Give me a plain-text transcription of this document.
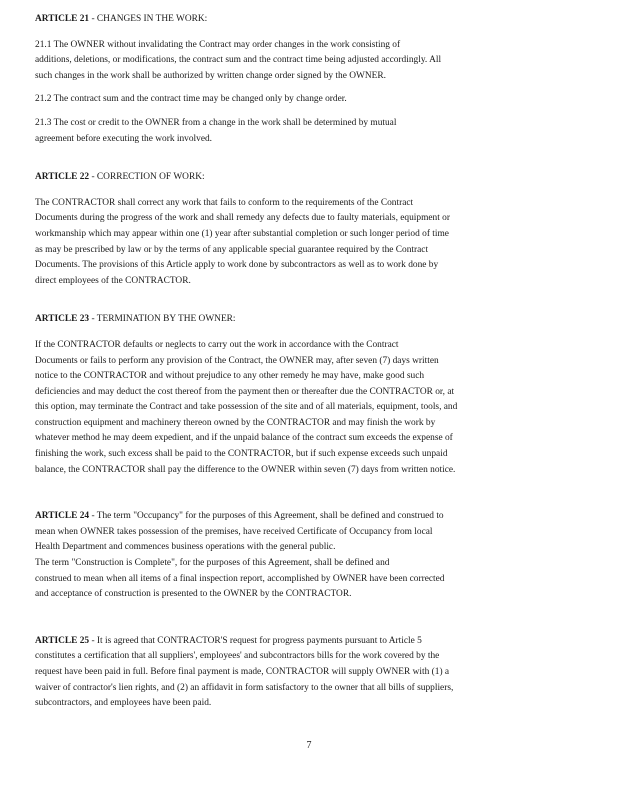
ARTICLE 21 - CHANGES IN THE WORK:

21.1 The OWNER without invalidating the Contract may order changes in the work consisting of
additions, deletions, or modifications, the contract sum and the contract time being adjusted accordingly. All
such changes in the work shall be authorized by written change order signed by the OWNER.

21.2 The contract sum and the contract time may be changed only by change order.

21.3 The cost or credit to the OWNER from a change in the work shall be determined by mutual
agreement before executing the work involved.

ARTICLE 22 - CORRECTION OF WORK:

The CONTRACTOR shall correct any work that fails to conform to the requirements of the Contract
Documents during the progress of the work and shall remedy any defects due to faulty materials, equipment or
workmanship which may appear within one (1) year after substantial completion or such longer period of time
as may be prescribed by law or by the terms of any applicable special guarantee required by the Contract
Documents. The provisions of this Article apply to work done by subcontractors as well as to work done by
direct employees of the CONTRACTOR.

ARTICLE 23 - TERMINATION BY THE OWNER:

If the CONTRACTOR defaults or neglects to carry out the work in accordance with the Contract
Documents or fails to perform any provision of the Contract, the OWNER may, after seven (7) days written
notice to the CONTRACTOR and without prejudice to any other remedy he may have, make good such
deficiencies and may deduct the cost thereof from the payment then or thereafter due the CONTRACTOR or, at
this option, may terminate the Contract and take possession of the site and of all materials, equipment, tools, and
construction equipment and machinery thereon owned by the CONTRACTOR and may finish the work by
whatever method he may deem expedient, and if the unpaid balance of the contract sum exceeds the expense of
finishing the work, such excess shall be paid to the CONTRACTOR, but if such expense exceeds such unpaid
balance, the CONTRACTOR shall pay the difference to the OWNER within seven (7) days from written notice.

ARTICLE 24 - The term "Occupancy" for the purposes of this Agreement, shall be defined and construed to
mean when OWNER takes possession of the premises, have received Certificate of Occupancy from local
Health Department and commences business operations with the general public.
The term "Construction is Complete", for the purposes of this Agreement, shall be defined and
construed to mean when all items of a final inspection report, accomplished by OWNER have been corrected
and acceptance of construction is presented to the OWNER by the CONTRACTOR.

ARTICLE 25 - It is agreed that CONTRACTOR'S request for progress payments pursuant to Article 5
constitutes a certification that all suppliers', employees' and subcontractors bills for the work covered by the
request have been paid in full. Before final payment is made, CONTRACTOR will supply OWNER with (1) a
waiver of contractor's lien rights, and (2) an affidavit in form satisfactory to the owner that all bills of suppliers,
subcontractors, and employees have been paid.

7
